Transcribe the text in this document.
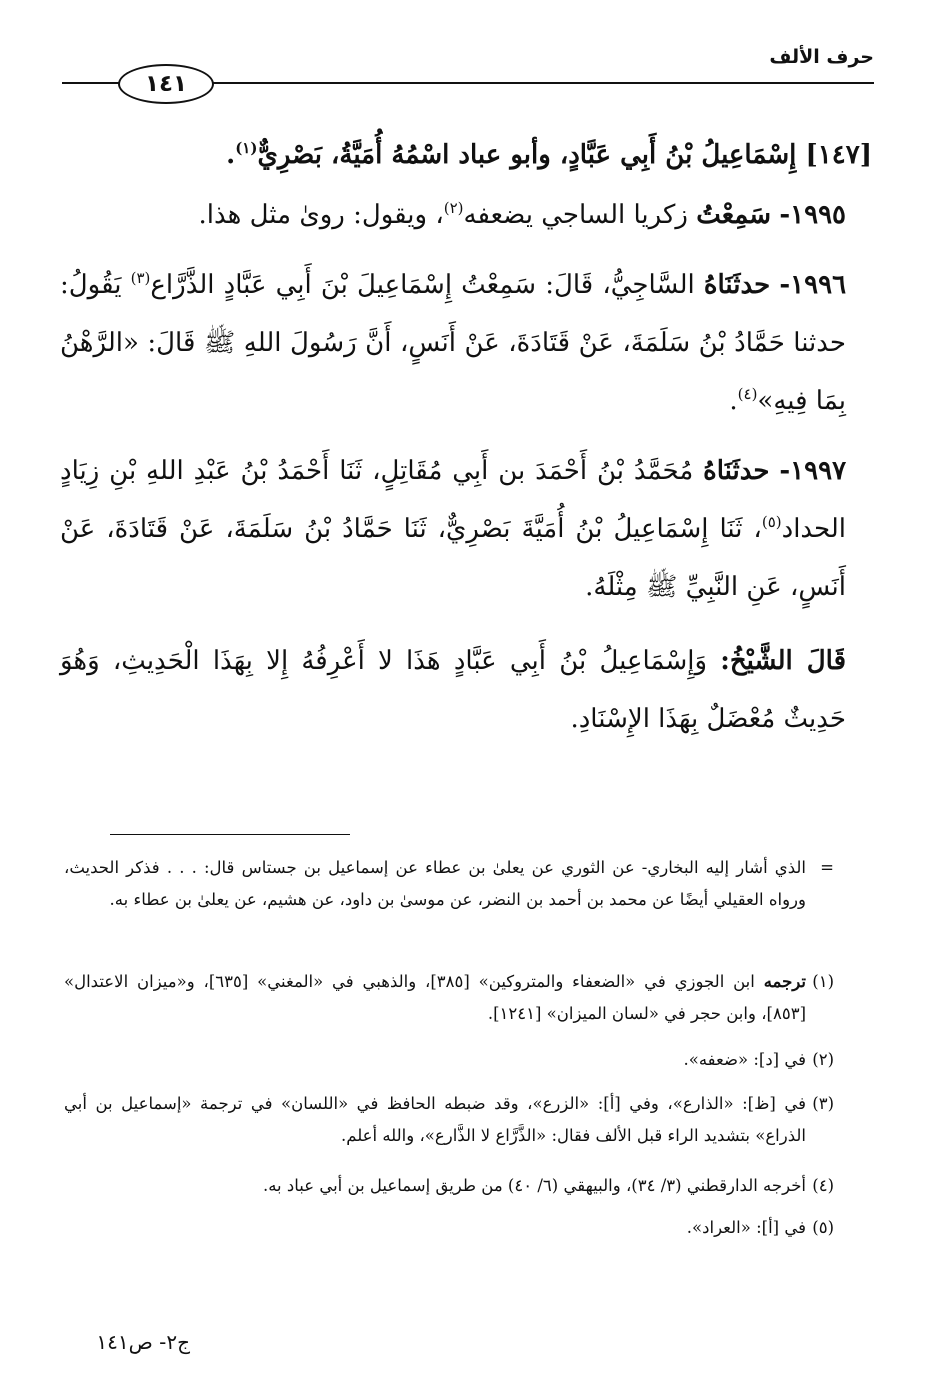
حرف الألف
١٤١
[١٤٧] إِسْمَاعِيلُ بْنُ أَبِي عَبَّادٍ، وأبو عباد اسْمُهُ أُمَيَّةُ، بَصْرِيٌّ$^{(١)}$.
١٩٩٥- سَمِعْتُ زكريا الساجي يضعفه$^{(٢)}$، ويقول: روىٰ مثل هذا.
١٩٩٦- حدثَنَاهُ السَّاجِيُّ، قَالَ: سَمِعْتُ إِسْمَاعِيلَ بْنَ أَبِي عَبَّادٍ الذَّرَّاع$^{(٣)}$ يَقُولُ: حدثنا حَمَّادُ بْنُ سَلَمَةَ، عَنْ قَتَادَةَ، عَنْ أَنَسٍ، أَنَّ رَسُولَ اللهِ ﷺ قَالَ: «الرَّهْنُ بِمَا فِيهِ»$^{(٤)}$.
١٩٩٧- حدثَنَاهُ مُحَمَّدُ بْنُ أَحْمَدَ بن أَبِي مُقَاتِلٍ، ثَنَا أَحْمَدُ بْنُ عَبْدِ اللهِ بْنِ زِيَادٍ الحداد$^{(٥)}$، ثَنَا إِسْمَاعِيلُ بْنُ أُمَيَّةَ بَصْرِيٌّ، ثَنَا حَمَّادُ بْنُ سَلَمَةَ، عَنْ قَتَادَةَ، عَنْ أَنَسٍ، عَنِ النَّبِيِّ ﷺ مِثْلَهُ.
قَالَ الشَّيْخُ: وَإِسْمَاعِيلُ بْنُ أَبِي عَبَّادٍ هَذَا لا أَعْرِفُهُ إِلا بِهَذَا الْحَدِيثِ، وَهُوَ حَدِيثٌ مُعْضَلٌ بِهَذَا الإِسْنَادِ.
=
الذي أشار إليه البخاري- عن الثوري عن يعلىٰ بن عطاء عن إسماعيل بن جستاس قال: . . . فذكر الحديث، ورواه العقيلي أيضًا عن محمد بن أحمد بن النضر، عن موسىٰ بن داود، عن هشيم، عن يعلىٰ بن عطاء به.
(١)
ترجمه ابن الجوزي في «الضعفاء والمتروكين» [٣٨٥]، والذهبي في «المغني» [٦٣٥]، و«ميزان الاعتدال» [٨٥٣]، وابن حجر في «لسان الميزان» [١٢٤١].
(٢)
في [د]: «ضعفه».
(٣)
في [ظ]: «الذارع»، وفي [أ]: «الزرع»، وقد ضبطه الحافظ في «اللسان» في ترجمة «إسماعيل بن أبي الذراع» بتشديد الراء قبل الألف فقال: «الذَّرَّاع لا الذَّارع»، والله أعلم.
(٤)
أخرجه الدارقطني (٣/ ٣٤)، والبيهقي (٦/ ٤٠) من طريق إسماعيل بن أبي عباد به.
(٥)
في [أ]: «العراد».
ج٢- ص١٤١
